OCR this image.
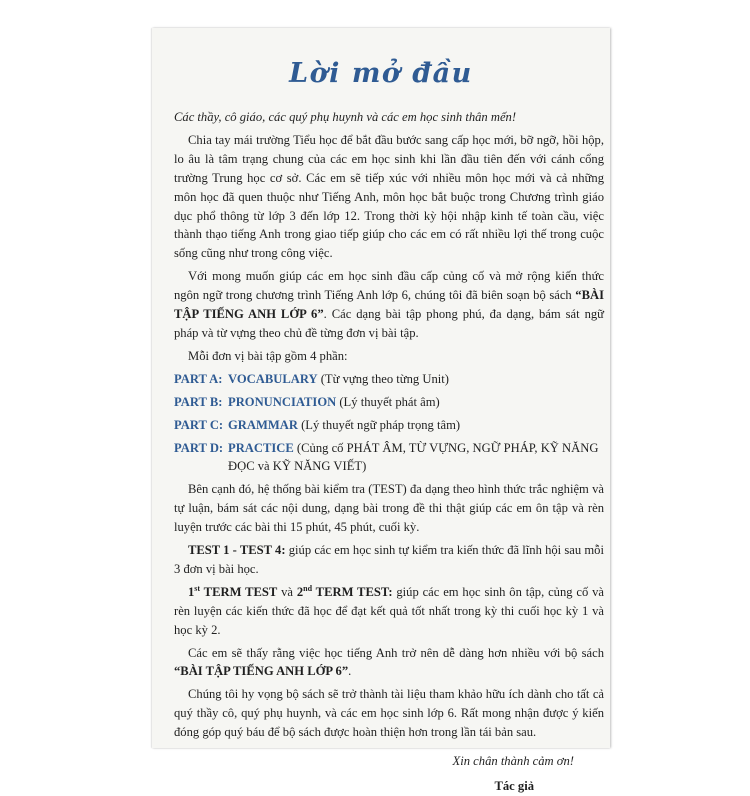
Lời mở đầu

Các thầy, cô giáo, các quý phụ huynh và các em học sinh thân mến!

Chia tay mái trường Tiểu học để bắt đầu bước sang cấp học mới, bỡ ngỡ, hồi hộp, lo âu là tâm trạng chung của các em học sinh khi lần đầu tiên đến với cánh cổng trường Trung học cơ sở. Các em sẽ tiếp xúc với nhiều môn học mới và cả những môn học đã quen thuộc như Tiếng Anh, môn học bắt buộc trong Chương trình giáo dục phổ thông từ lớp 3 đến lớp 12. Trong thời kỳ hội nhập kinh tế toàn cầu, việc thành thạo tiếng Anh trong giao tiếp giúp cho các em có rất nhiều lợi thế trong cuộc sống cũng như trong công việc.

Với mong muốn giúp các em học sinh đầu cấp củng cố và mở rộng kiến thức ngôn ngữ trong chương trình Tiếng Anh lớp 6, chúng tôi đã biên soạn bộ sách “BÀI TẬP TIẾNG ANH LỚP 6”. Các dạng bài tập phong phú, đa dạng, bám sát ngữ pháp và từ vựng theo chủ đề từng đơn vị bài tập.

Mỗi đơn vị bài tập gồm 4 phần:

PART A: VOCABULARY (Từ vựng theo từng Unit)
PART B: PRONUNCIATION (Lý thuyết phát âm)
PART C: GRAMMAR (Lý thuyết ngữ pháp trọng tâm)
PART D: PRACTICE (Củng cố PHÁT ÂM, TỪ VỰNG, NGỮ PHÁP, KỸ NĂNG ĐỌC và KỸ NĂNG VIẾT)

Bên cạnh đó, hệ thống bài kiểm tra (TEST) đa dạng theo hình thức trắc nghiệm và tự luận, bám sát các nội dung, dạng bài trong đề thi thật giúp các em ôn tập và rèn luyện trước các bài thi 15 phút, 45 phút, cuối kỳ.

TEST 1 - TEST 4: giúp các em học sinh tự kiểm tra kiến thức đã lĩnh hội sau mỗi 3 đơn vị bài học.

1st TERM TEST và 2nd TERM TEST: giúp các em học sinh ôn tập, củng cố và rèn luyện các kiến thức đã học để đạt kết quả tốt nhất trong kỳ thi cuối học kỳ 1 và học kỳ 2.

Các em sẽ thấy rằng việc học tiếng Anh trở nên dễ dàng hơn nhiều với bộ sách “BÀI TẬP TIẾNG ANH LỚP 6”.

Chúng tôi hy vọng bộ sách sẽ trở thành tài liệu tham khảo hữu ích dành cho tất cả quý thầy cô, quý phụ huynh, và các em học sinh lớp 6. Rất mong nhận được ý kiến đóng góp quý báu để bộ sách được hoàn thiện hơn trong lần tái bản sau.

Xin chân thành cảm ơn!
Tác giả
